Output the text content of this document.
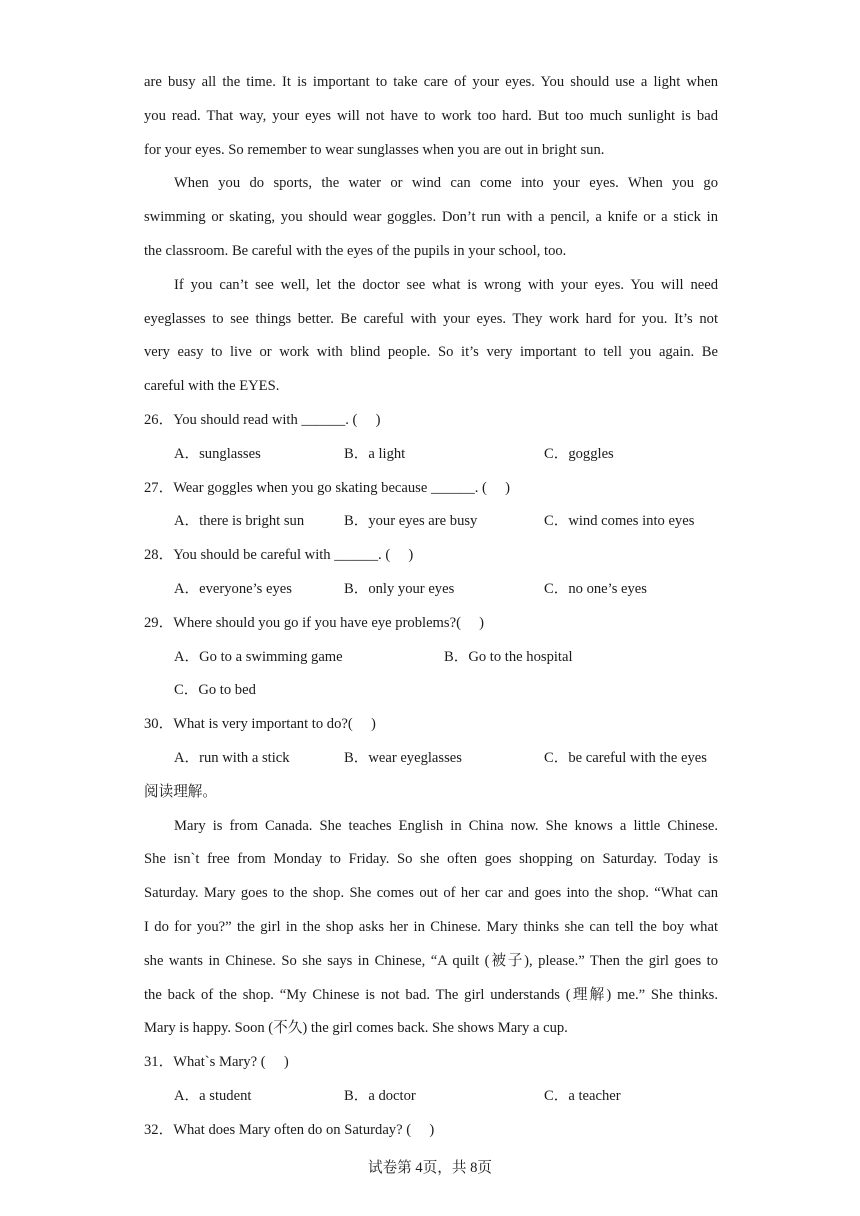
are busy all the time. It is important to take care of your eyes. You should use a light when
you read. That way, your eyes will not have to work too hard. But too much sunlight is bad
for your eyes. So remember to wear sunglasses when you are out in bright sun.
When you do sports, the water or wind can come into your eyes. When you go
swimming or skating, you should wear goggles. Don’t run with a pencil, a knife or a stick in
the classroom. Be careful with the eyes of the pupils in your school, too.
If you can’t see well, let the doctor see what is wrong with your eyes. You will need
eyeglasses to see things better. Be careful with your eyes. They work hard for you. It’s not
very easy to live or work with blind people. So it’s very important to tell you again. Be
careful with the EYES.
26．You should read with ______. (　 )
A．sunglasses	B．a light	C．goggles
27．Wear goggles when you go skating because ______. (　 )
A．there is bright sun	B．your eyes are busy	C．wind comes into eyes
28．You should be careful with ______. (　 )
A．everyone’s eyes	B．only your eyes	C．no one’s eyes
29．Where should you go if you have eye problems?(　 )
A．Go to a swimming game	B．Go to the hospital
C．Go to bed
30．What is very important to do?(　 )
A．run with a stick	B．wear eyeglasses	C．be careful with the eyes
阅读理解。
Mary is from Canada. She teaches English in China now. She knows a little Chinese.
She isn`t free from Monday to Friday. So she often goes shopping on Saturday. Today is
Saturday. Mary goes to the shop. She comes out of her car and goes into the shop. “What can
I do for you?” the girl in the shop asks her in Chinese. Mary thinks she can tell the boy what
she wants in Chinese. So she says in Chinese, “A quilt (被子), please.” Then the girl goes to
the back of the shop. “My Chinese is not bad. The girl understands (理解) me.” She thinks.
Mary is happy. Soon (不久) the girl comes back. She shows Mary a cup.
31．What`s Mary? (　 )
A．a student	B．a doctor	C．a teacher
32．What does Mary often do on Saturday? (　 )
试卷第 4页，共 8页
